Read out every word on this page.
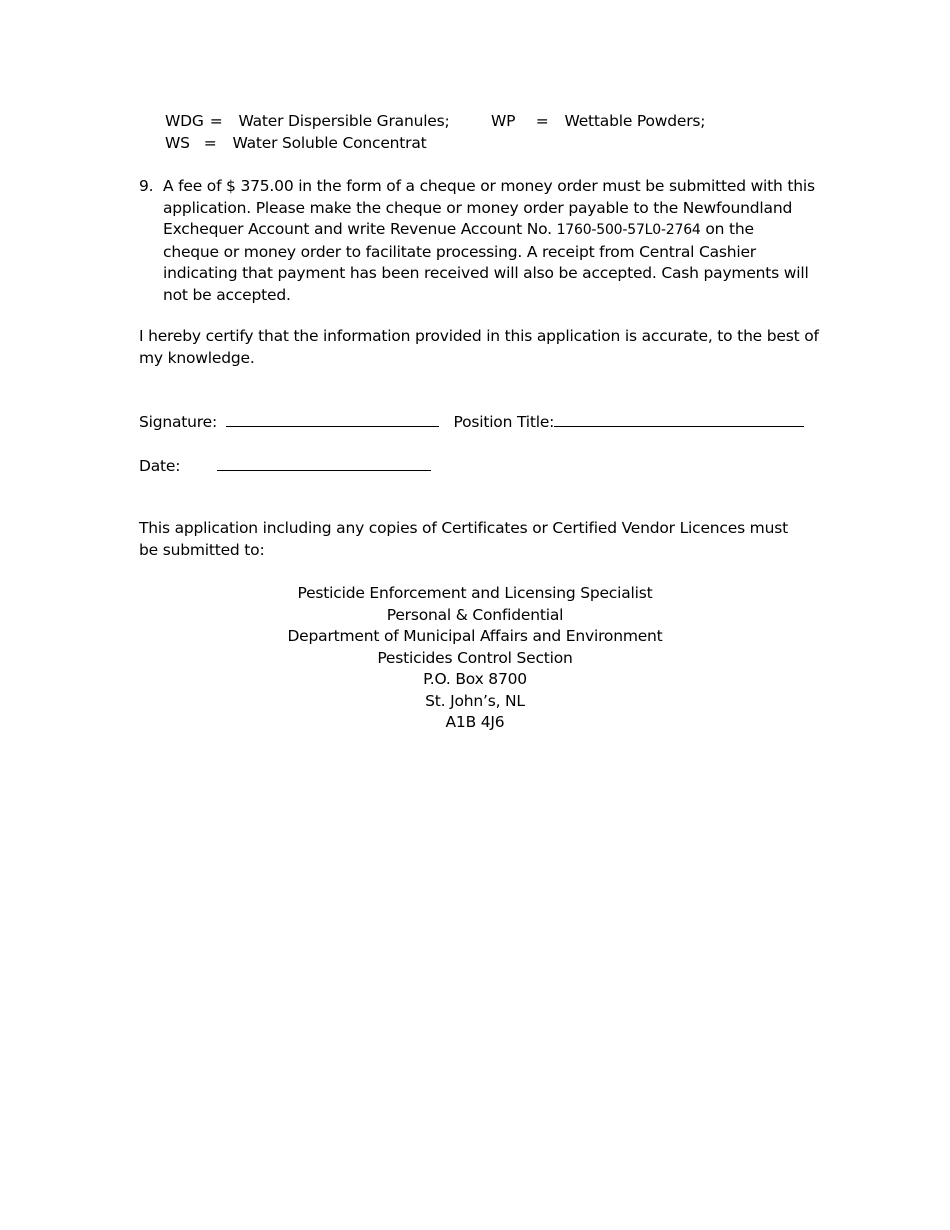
WDG = Water Dispersible Granules;	WP = Wettable Powders;
WS = Water Soluble Concentrat
9. A fee of $ 375.00 in the form of a cheque or money order must be submitted with this
application. Please make the cheque or money order payable to the Newfoundland
Exchequer Account and write Revenue Account No. 1760-500-57L0-2764 on the
cheque or money order to facilitate processing. A receipt from Central Cashier
indicating that payment has been received will also be accepted. Cash payments will
not be accepted.
I hereby certify that the information provided in this application is accurate, to the best of
my knowledge.
Signature:	Position Title:
Date:
This application including any copies of Certificates or Certified Vendor Licences must
be submitted to:
Pesticide Enforcement and Licensing Specialist
Personal & Confidential
Department of Municipal Affairs and Environment
Pesticides Control Section
P.O. Box 8700
St. John’s, NL
A1B 4J6
